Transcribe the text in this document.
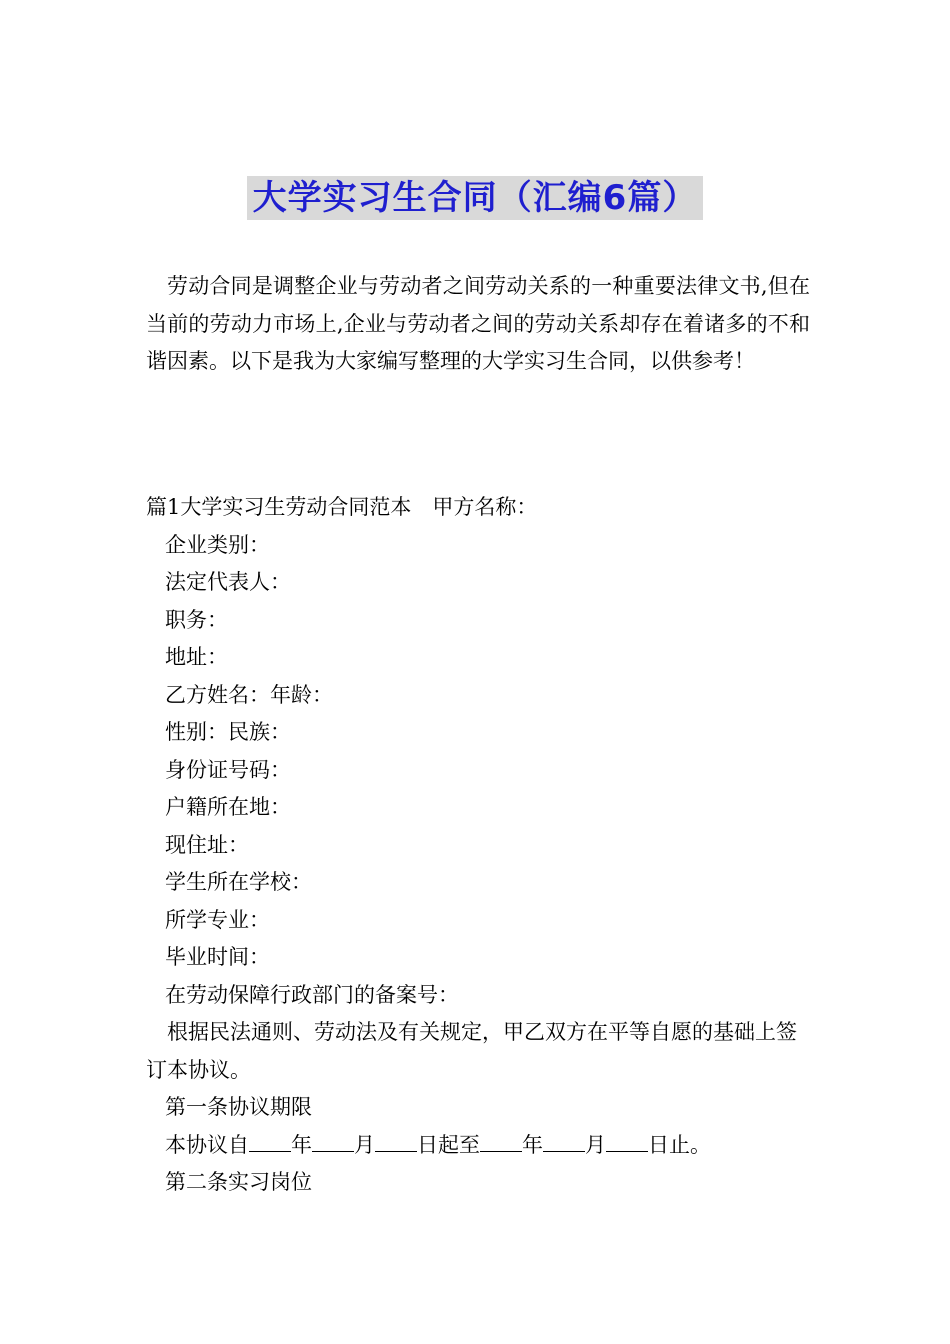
大学实习生合同（汇编6篇）

劳动合同是调整企业与劳动者之间劳动关系的一种重要法律文书,但在当前的劳动力市场上,企业与劳动者之间的劳动关系却存在着诸多的不和谐因素。以下是我为大家编写整理的大学实习生合同，以供参考！

篇1大学实习生劳动合同范本　甲方名称：
企业类别：
法定代表人：
职务：
地址：
乙方姓名：年龄：
性别：民族：
身份证号码：
户籍所在地：
现住址：
学生所在学校：
所学专业：
毕业时间：
在劳动保障行政部门的备案号：

根据民法通则、劳动法及有关规定，甲乙双方在平等自愿的基础上签订本协议。

第一条协议期限
本协议自 年 月 日起至 年 月 日止。
第二条实习岗位
